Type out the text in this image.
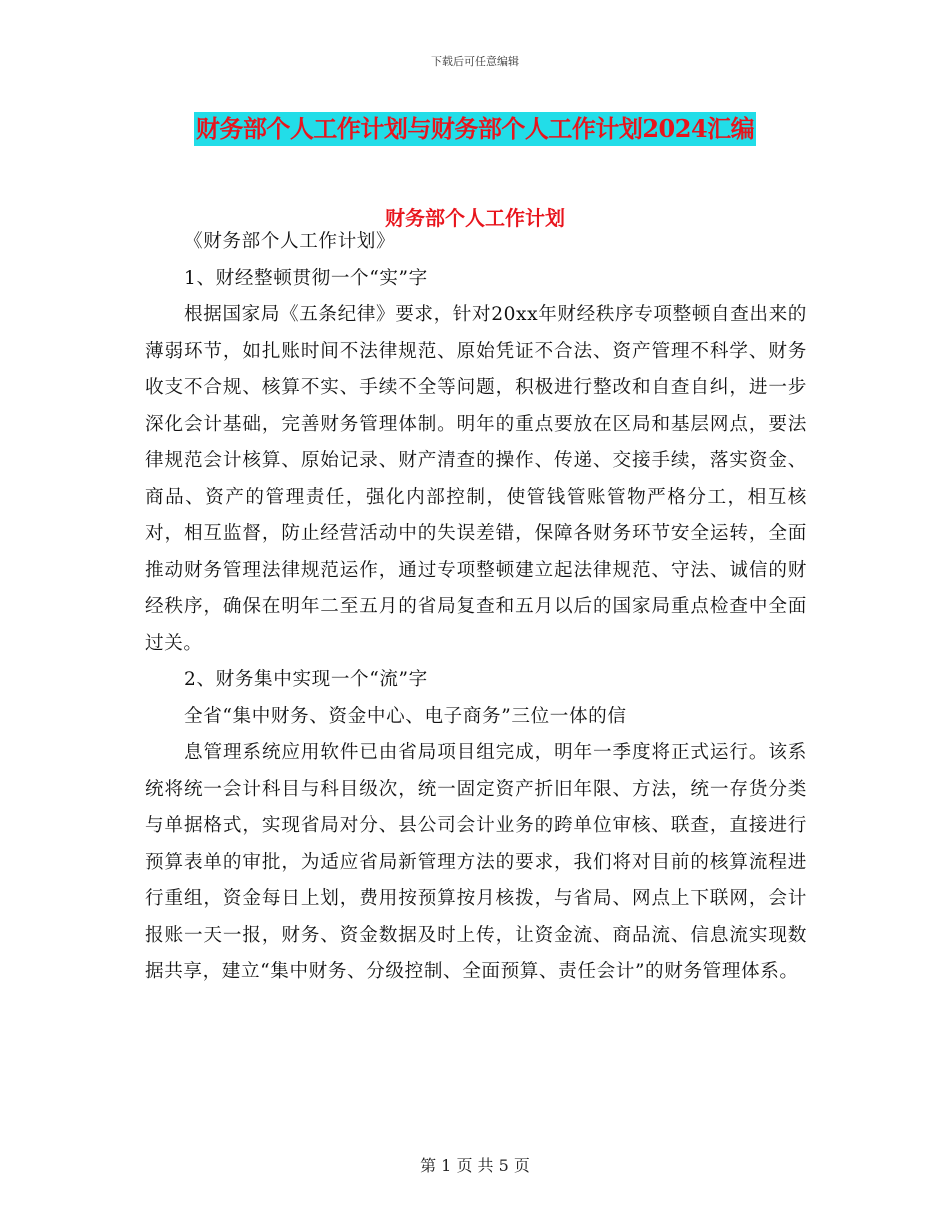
下载后可任意编辑
财务部个人工作计划与财务部个人工作计划2024汇编
财务部个人工作计划

《财务部个人工作计划》

1、财经整顿贯彻一个“实”字

根据国家局《五条纪律》要求，针对20xx年财经秩序专项整顿自查出来的薄弱环节，如扎账时间不法律规范、原始凭证不合法、资产管理不科学、财务收支不合规、核算不实、手续不全等问题，积极进行整改和自查自纠，进一步深化会计基础，完善财务管理体制。明年的重点要放在区局和基层网点，要法律规范会计核算、原始记录、财产清查的操作、传递、交接手续，落实资金、商品、资产的管理责任，强化内部控制，使管钱管账管物严格分工，相互核对，相互监督，防止经营活动中的失误差错，保障各财务环节安全运转，全面推动财务管理法律规范运作，通过专项整顿建立起法律规范、守法、诚信的财经秩序，确保在明年二至五月的省局复查和五月以后的国家局重点检查中全面过关。

2、财务集中实现一个“流”字

全省“集中财务、资金中心、电子商务”三位一体的信

息管理系统应用软件已由省局项目组完成，明年一季度将正式运行。该系统将统一会计科目与科目级次，统一固定资产折旧年限、方法，统一存货分类与单据格式，实现省局对分、县公司会计业务的跨单位审核、联查，直接进行预算表单的审批，为适应省局新管理方法的要求，我们将对目前的核算流程进行重组，资金每日上划，费用按预算按月核拨，与省局、网点上下联网，会计报账一天一报，财务、资金数据及时上传，让资金流、商品流、信息流实现数据共享，建立“集中财务、分级控制、全面预算、责任会计”的财务管理体系。

第 1 页 共 5 页
